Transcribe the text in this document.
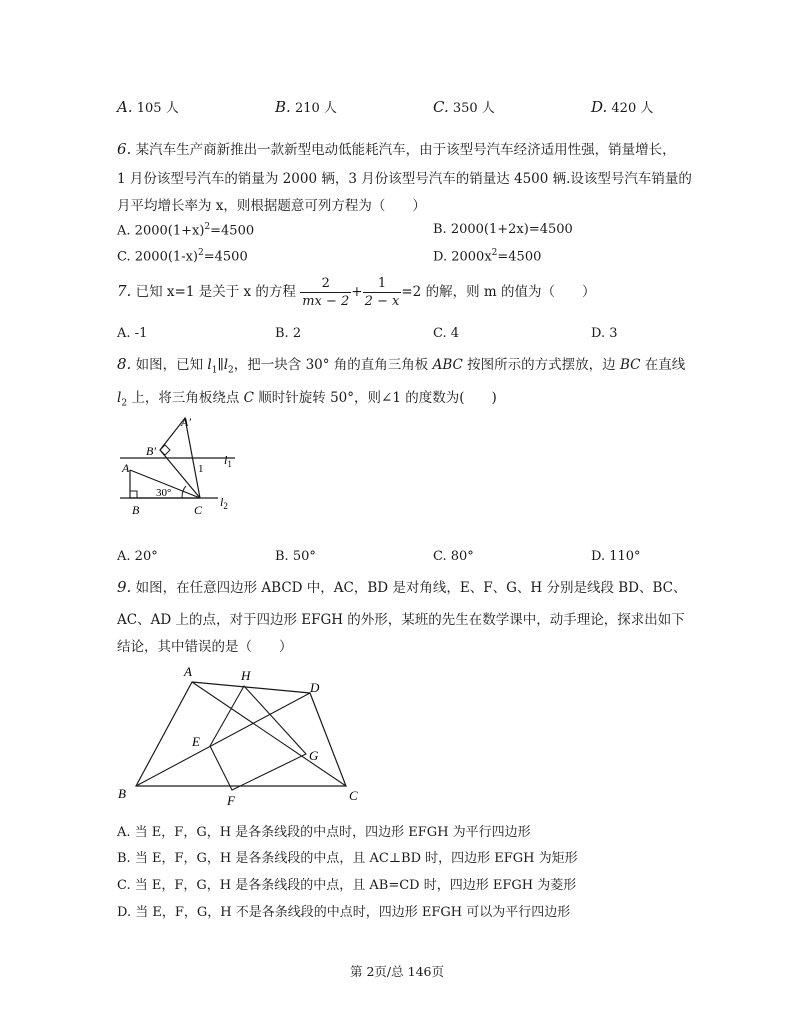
A. 105 人	B. 210 人	C. 350 人	D. 420 人
6. 某汽车生产商新推出一款新型电动低能耗汽车，由于该型号汽车经济适用性强，销量增长，
1 月份该型号汽车的销量为 2000 辆，3 月份该型号汽车的销量达 4500 辆.设该型号汽车销量的
月平均增长率为 x，则根据题意可列方程为（　　）
A. $2000(1+x)^2=4500$	B. 2000(1+2x)=4500
C. $2000(1-x)^2=4500$	D. $2000x^2=4500$
7. 已知 x=1 是关于 x 的方程 $\frac{2}{mx - 2} + \frac{1}{2 - x} =2$ 的解，则 m 的值为（　　）
A. -1	B. 2	C. 4	D. 3
8. 如图，已知 $l_1\parallel l_2$，把一块含 30° 角的直角三角板 ABC 按图所示的方式摆放，边 BC 在直线
$l_2$ 上，将三角板绕点 C 顺时针旋转 50°，则∠1 的度数为(　　)
A′
B′
A
B	C
1
30°
$l_1$
$l_2$
A. 20°	B. 50°	C. 80°	D. 110°
9. 如图，在任意四边形 ABCD 中，AC，BD 是对角线，E、F、G、H 分别是线段 BD、BC、
AC、AD 上的点，对于四边形 EFGH 的外形，某班的先生在数学课中，动手理论，探求出如下
结论，其中错误的是（　　）
A
B	C
D
E
F
G
H
A. 当 E，F，G，H 是各条线段的中点时，四边形 EFGH 为平行四边形
B. 当 E，F，G，H 是各条线段的中点，且 AC⊥BD 时，四边形 EFGH 为矩形
C. 当 E，F，G，H 是各条线段的中点，且 AB=CD 时，四边形 EFGH 为菱形
D. 当 E，F，G，H 不是各条线段的中点时，四边形 EFGH 可以为平行四边形
第 2页/总 146页
